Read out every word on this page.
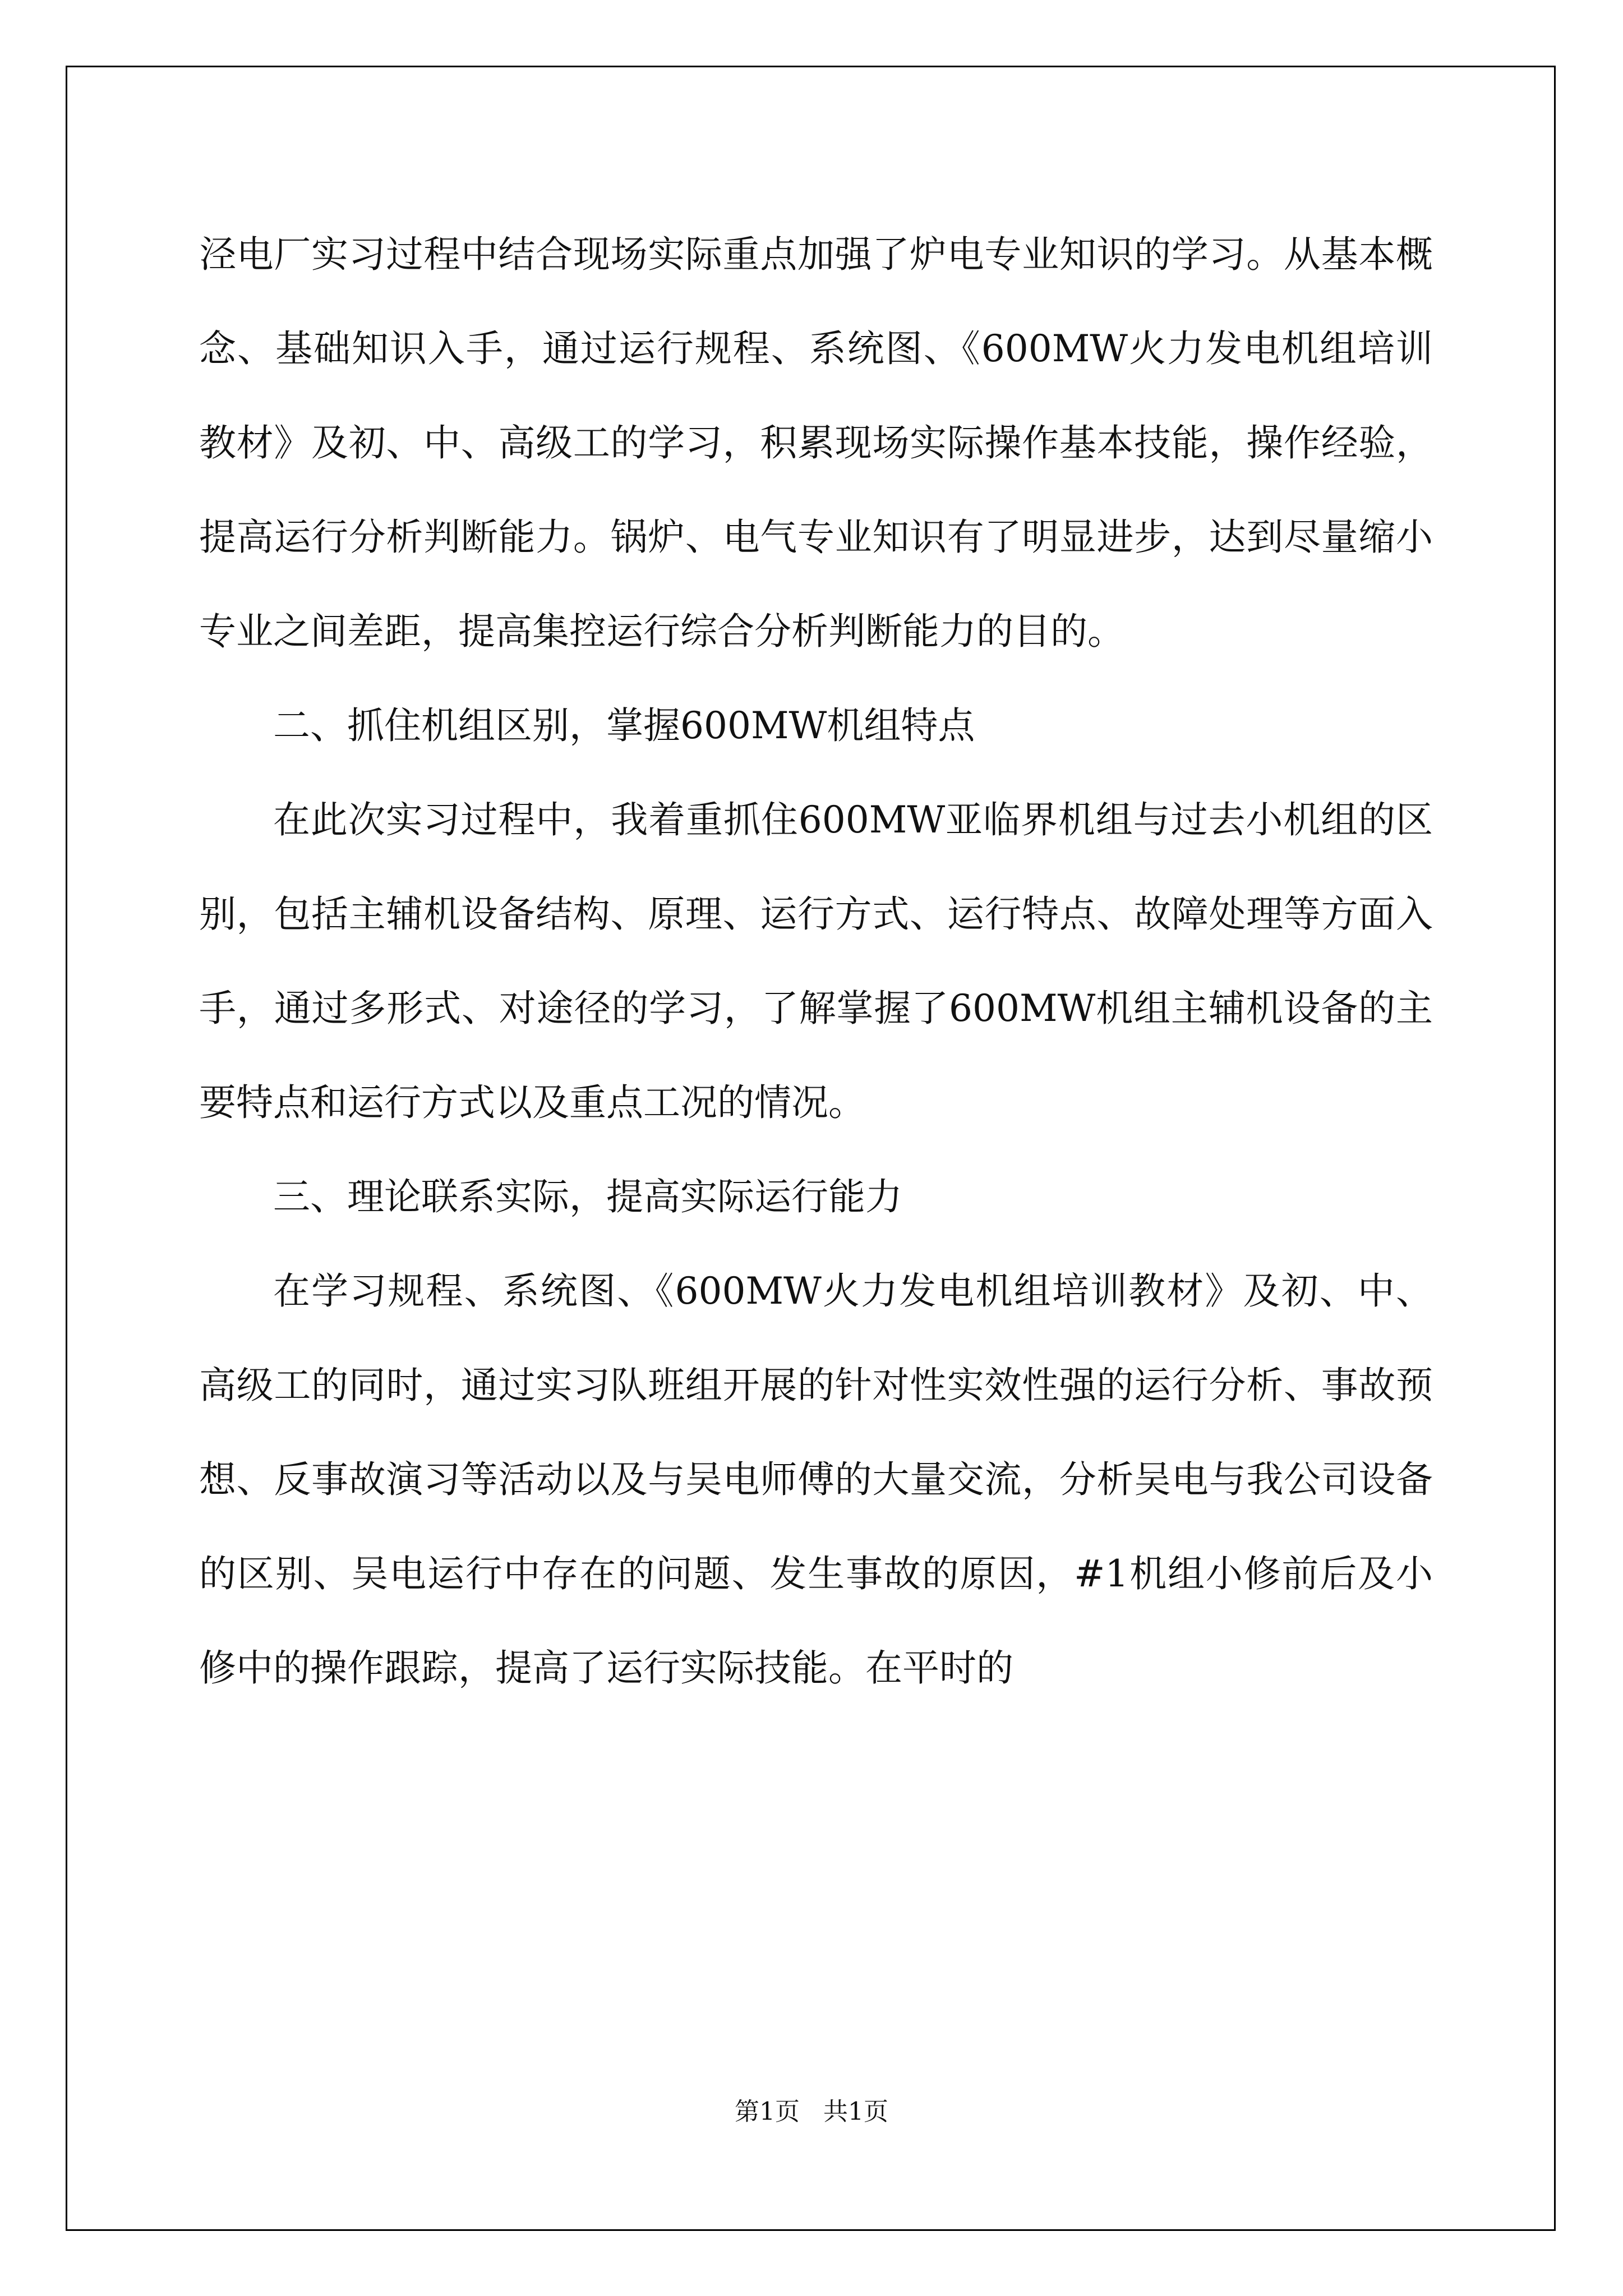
泾电厂实习过程中结合现场实际重点加强了炉电专业知识的学习。从基本概念、基础知识入手，通过运行规程、系统图、《600MW火力发电机组培训教材》及初、中、高级工的学习，积累现场实际操作基本技能，操作经验，提高运行分析判断能力。锅炉、电气专业知识有了明显进步，达到尽量缩小专业之间差距，提高集控运行综合分析判断能力的目的。

二、抓住机组区别，掌握600MW机组特点

在此次实习过程中，我着重抓住600MW亚临界机组与过去小机组的区别，包括主辅机设备结构、原理、运行方式、运行特点、故障处理等方面入手，通过多形式、对途径的学习，了解掌握了600MW机组主辅机设备的主要特点和运行方式以及重点工况的情况。

三、理论联系实际，提高实际运行能力

在学习规程、系统图、《600MW火力发电机组培训教材》及初、中、高级工的同时，通过实习队班组开展的针对性实效性强的运行分析、事故预想、反事故演习等活动以及与吴电师傅的大量交流，分析吴电与我公司设备的区别、吴电运行中存在的问题、发生事故的原因，#1机组小修前后及小修中的操作跟踪，提高了运行实际技能。在平时的

第1页   共1页
